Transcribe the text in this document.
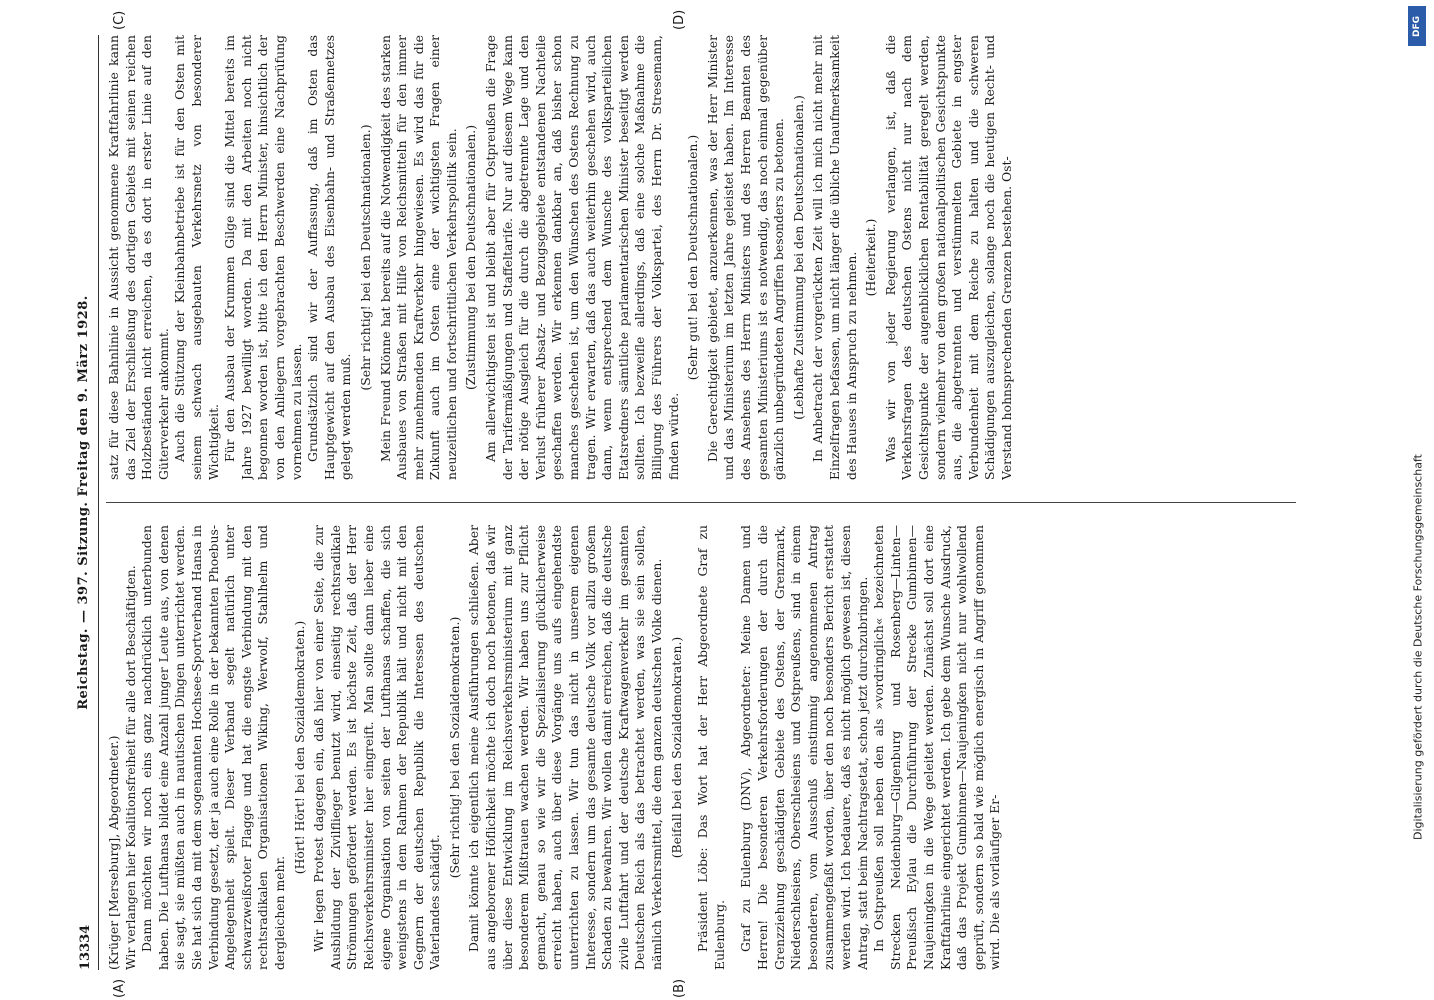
13334
Reichstag. — 397. Sitzung. Freitag den 9. März 1928.
(A)	(B)
(C)	(D)

(Krüger [Merseburg], Abgeordneter.) Wir verlangen hier Koalitionsfreiheit für alle dort Beschäftigten. Dann möchten wir noch eins ganz nachdrücklich unterbunden haben. Die Lufthansa bildet eine Anzahl junger Leute aus, von denen sie sagt, sie müßten auch in nautischen Dingen unterrichtet werden. Sie hat sich da mit dem sogenannten Hochsee-Sportverband Hansa in Verbindung gesetzt, der ja auch eine Rolle in der bekannten Phoebus-Angelegenheit spielt. Dieser Verband segelt natürlich unter schwarzweißroter Flagge und hat die engste Verbindung mit den rechtsradikalen Organisationen Wiking, Werwolf, Stahlhelm und dergleichen mehr.

(Hört! Hört! bei den Sozialdemokraten.) Wir legen Protest dagegen ein, daß hier von einer Seite, die zur Ausbildung der Zivilflieger benutzt wird, einseitig rechtsradikale Strömungen gefördert werden. Es ist höchste Zeit, daß der Herr Reichsverkehrsminister hier eingreift. Man sollte dann lieber eine eigene Organisation von seiten der Lufthansa schaffen, die sich wenigstens in dem Rahmen der Republik hält und nicht mit den Gegnern der deutschen Republik die Interessen des deutschen Vaterlandes schädigt.

(Sehr richtig! bei den Sozialdemokraten.) Damit könnte ich eigentlich meine Ausführungen schließen. Aber aus angeborener Höflichkeit möchte ich doch noch betonen, daß wir über diese Entwicklung im Reichsverkehrsministerium mit ganz besonderem Mißtrauen wachen werden. Wir haben uns zur Pflicht gemacht, genau so wie wir die Spezialisierung glücklicherweise erreicht haben, auch über diese Vorgänge uns aufs eingehendste unterrichten zu lassen. Wir tun das nicht in unserem eigenen Interesse, sondern um das gesamte deutsche Volk vor allzu großem Schaden zu bewahren. Wir wollen damit erreichen, daß die deutsche zivile Luftfahrt und der deutsche Kraftwagenverkehr im gesamten Deutschen Reich als das betrachtet werden, was sie sein sollen, nämlich Verkehrsmittel, die dem ganzen deutschen Volke dienen. (Beifall bei den Sozialdemokraten.) Präsident Löbe: Das Wort hat der Herr Abgeordnete Graf zu Eulenburg. Graf zu Eulenburg (DNV), Abgeordneter: Meine Damen und Herren! Die besonderen Verkehrsforderungen der durch die Grenzziehung geschädigten Gebiete des Ostens, der Grenzmark, Niederschlesiens, Oberschlesiens und Ostpreußens, sind in einem besonderen, vom Ausschuß einstimmig angenommenen Antrag zusammengefaßt worden, über den noch besonders Bericht erstattet werden wird. Ich bedauere, daß es nicht möglich gewesen ist, diesen Antrag, statt beim Nachtragsetat, schon jetzt durchzubringen. In Ostpreußen soll neben den als »vordringlich« bezeichneten Strecken Neidenburg—Gilgenburg und Rosenberg—Linten—Preußisch Eylau die Durchführung der Strecke Gumbinnen—Naujeningken in die Wege geleitet werden. Zunächst soll dort eine Kraftfahrlinie eingerichtet werden. Ich gebe dem Wunsche Ausdruck, daß das Projekt Gumbinnen—Naujeningken nicht nur wohlwollend geprüft, sondern so bald wie möglich energisch in Angriff genommen wird. Die als vorläufiger Er-

satz für diese Bahnlinie in Aussicht genommene Kraftfahrlinie kann das Ziel der Erschließung des dortigen Gebiets mit seinen reichen Holzbeständen nicht erreichen, da es dort in erster Linie auf den Güterverkehr ankommt. Auch die Stützung der Kleinbahnbetriebe ist für den Osten mit seinem schwach ausgebauten Verkehrsnetz von besonderer Wichtigkeit. Für den Ausbau der Krummen Gilge sind die Mittel bereits im Jahre 1927 bewilligt worden. Da mit den Arbeiten noch nicht begonnen worden ist, bitte ich den Herrn Minister, hinsichtlich der von den Anliegern vorgebrachten Beschwerden eine Nachprüfung vornehmen zu lassen. Grundsätzlich sind wir der Auffassung, daß im Osten das Hauptgewicht auf den Ausbau des Eisenbahn- und Straßennetzes gelegt werden muß.

(Sehr richtig! bei den Deutschnationalen.) Mein Freund Klönne hat bereits auf die Notwendigkeit des starken Ausbaues von Straßen mit Hilfe von Reichsmitteln für den immer mehr zunehmenden Kraftverkehr hingewiesen. Es wird das für die Zukunft auch im Osten eine der wichtigsten Fragen einer neuzeitlichen und fortschrittlichen Verkehrspolitik sein. (Zustimmung bei den Deutschnationalen.) Am allerwichtigsten ist und bleibt aber für Ostpreußen die Frage der Tarifermäßigungen und Staffeltarife. Nur auf diesem Wege kann der nötige Ausgleich für die durch die abgetrennte Lage und den Verlust früherer Absatz- und Bezugsgebiete entstandenen Nachteile geschaffen werden. Wir erkennen dankbar an, daß bisher schon manches geschehen ist, um den Wünschen des Ostens Rechnung zu tragen. Wir erwarten, daß das auch weiterhin geschehen wird, auch dann, wenn entsprechend dem Wunsche des volksparteilichen Etatsredners sämtliche parlamentarischen Minister beseitigt werden sollten. Ich bezweifle allerdings, daß eine solche Maßnahme die Billigung des Führers der Volkspartei, des Herrn Dr. Stresemann, finden würde.

(Sehr gut! bei den Deutschnationalen.) Die Gerechtigkeit gebietet, anzuerkennen, was der Herr Minister und das Ministerium im letzten Jahre geleistet haben. Im Interesse des Ansehens des Herrn Ministers und des Herren Beamten des gesamten Ministeriums ist es notwendig, das noch einmal gegenüber gänzlich unbegründeten Angriffen besonders zu betonen. (Lebhafte Zustimmung bei den Deutschnationalen.) In Anbetracht der vorgerückten Zeit will ich mich nicht mehr mit Einzelfragen befassen, um nicht länger die übliche Unaufmerksamkeit des Hauses in Anspruch zu nehmen. (Heiterkeit.) Was wir von jeder Regierung verlangen, ist, daß die Verkehrsfragen des deutschen Ostens nicht nur nach dem Gesichtspunkte der augenblicklichen Rentabilität geregelt werden, sondern vielmehr von dem großen nationalpolitischen Gesichtspunkte aus, die abgetrennten und verstümmelten Gebiete in engster Verbundenheit mit dem Reiche zu halten und die schweren Schädigungen auszugleichen, solange noch die heutigen Recht- und Verstand hohnsprechenden Grenzen bestehen. Ost-

DFG
Digitalisierung gefördert durch die Deutsche Forschungsgemeinschaft
